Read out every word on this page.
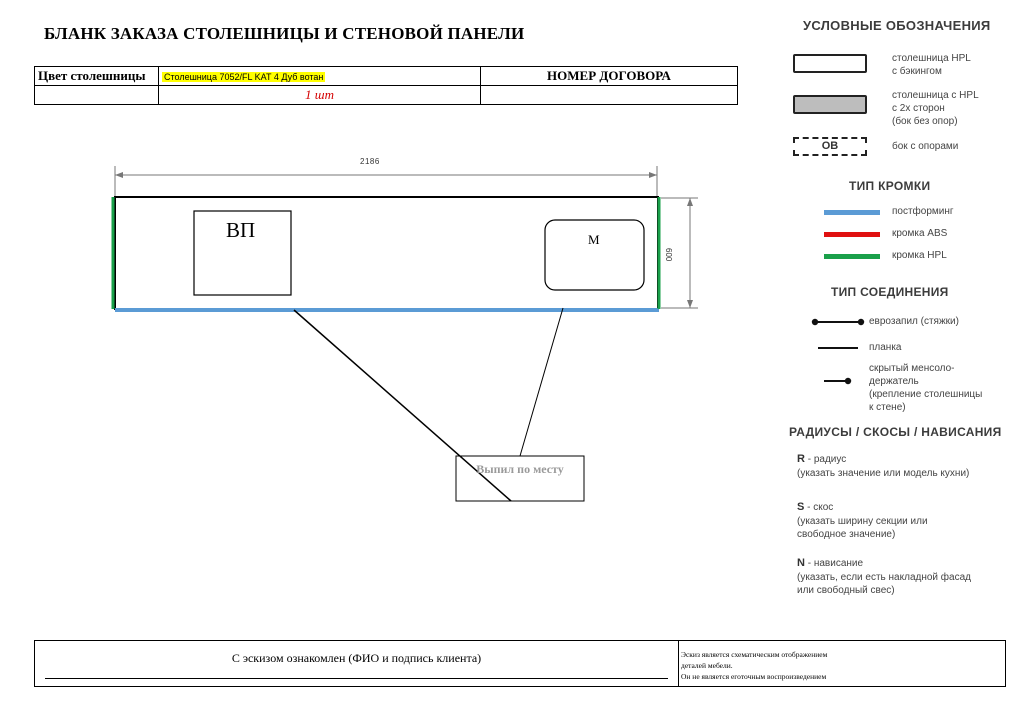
БЛАНК ЗАКАЗА СТОЛЕШНИЦЫ И СТЕНОВОЙ ПАНЕЛИ
Цвет столешницы	Столешница 7052/FL KAT 4 Дуб вотан	НОМЕР ДОГОВОРА
	1 шт	
2186
600
ВП	М
Выпил по месту
УСЛОВНЫЕ ОБОЗНАЧЕНИЯ
столешница HPL
с бэкингом
столешница с HPL
с 2х сторон
(бок без опор)
ОВ	бок с опорами
ТИП КРОМКИ
постформинг
кромка ABS
кромка HPL
ТИП СОЕДИНЕНИЯ
еврозапил (стяжки)
планка
скрытый менсоло-
держатель
(крепление столешницы
к стене)
РАДИУСЫ / СКОСЫ / НАВИСАНИЯ
R - радиус
(указать значение или модель кухни)
S - скос
(указать ширину секции или
свободное значение)
N - нависание
(указать, если есть накладной фасад
или свободный свес)
С эскизом ознакомлен (ФИО и подпись клиента)	Эскиз является схематическим отображением
деталей мебели.
Он не является еготочным воспроизведением
